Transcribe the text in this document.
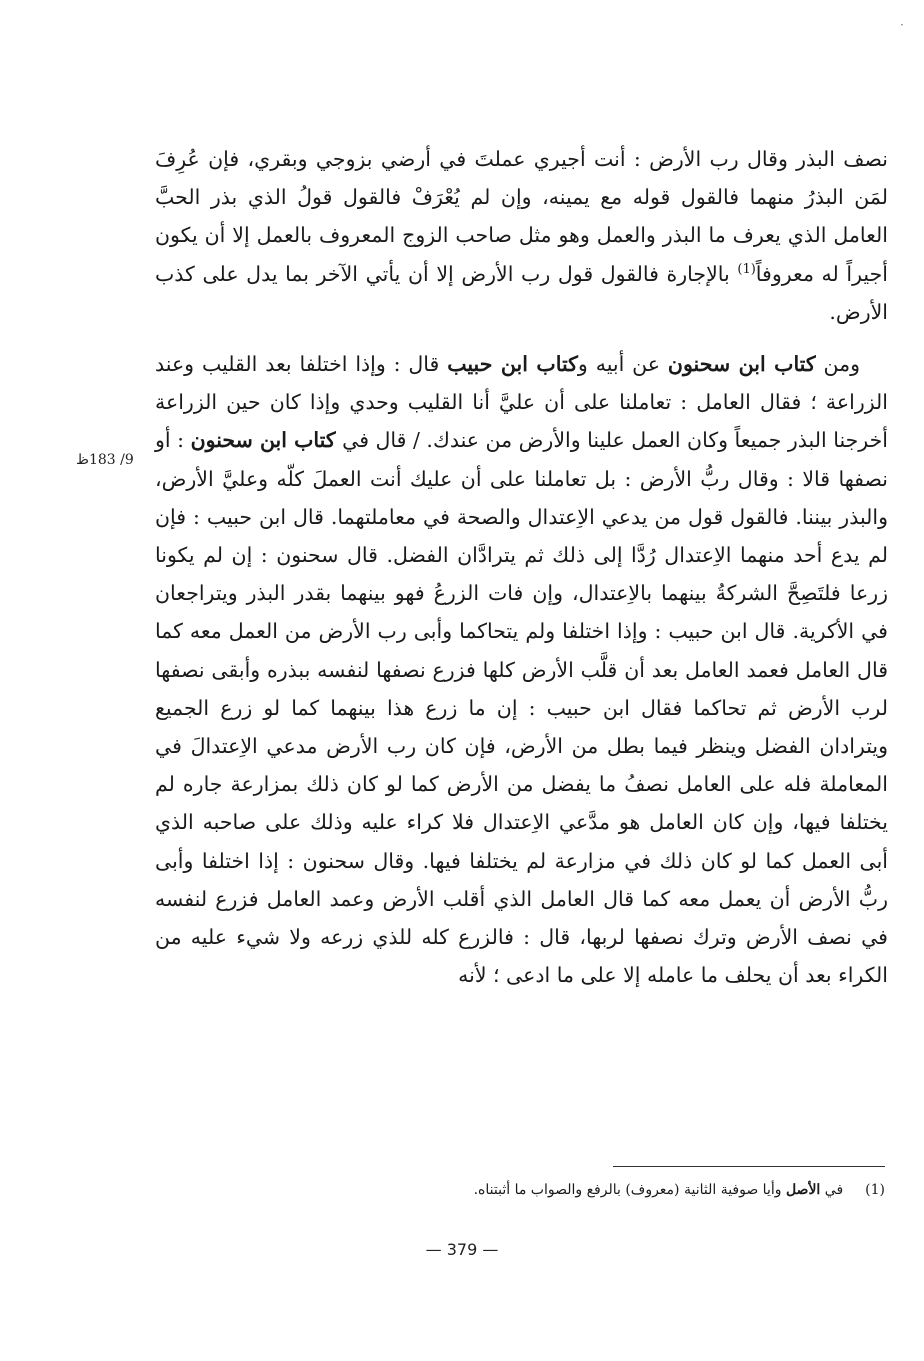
·

نصف البذر وقال رب الأرض : أنت أجيري عملتَ في أرضي بزوجي وبقري، فإن عُرِفَ لمَن البذرُ منهما فالقول قوله مع يمينه، وإن لم يُعْرَفْ فالقول قولُ الذي بذر الحبَّ العامل الذي يعرف ما البذر والعمل وهو مثل صاحب الزوج المعروف بالعمل إلا أن يكون أجيراً له معروفاً$^{(1)}$ بالإجارة فالقول قول رب الأرض إلا أن يأتي الآخر بما يدل على كذب الأرض.

ومن كتاب ابن سحنون عن أبيه وكتاب ابن حبيب قال : وإذا اختلفا بعد القليب وعند الزراعة ؛ فقال العامل : تعاملنا على أن عليَّ أنا القليب وحدي وإذا كان حين الزراعة أخرجنا البذر جميعاً وكان العمل علينا والأرض من عندك. / قال في كتاب ابن سحنون : أو نصفها قالا : وقال ربُّ الأرض : بل تعاملنا على أن عليك أنت العملَ كلّه وعليَّ الأرض، والبذر بيننا. فالقول قول من يدعي الاِعتدال والصحة في معاملتهما. قال ابن حبيب : فإن لم يدع أحد منهما الاِعتدال رُدَّا إلى ذلك ثم يترادَّان الفضل. قال سحنون : إن لم يكونا زرعا فلتَصِحَّ الشركةُ بينهما بالاِعتدال، وإن فات الزرعُ فهو بينهما بقدر البذر ويتراجعان في الأكرية. قال ابن حبيب : وإذا اختلفا ولم يتحاكما وأبى رب الأرض من العمل معه كما قال العامل فعمد العامل بعد أن قلَّب الأرض كلها فزرع نصفها لنفسه ببذره وأبقى نصفها لرب الأرض ثم تحاكما فقال ابن حبيب : إن ما زرع هذا بينهما كما لو زرع الجميع ويترادان الفضل وينظر فيما بطل من الأرض، فإن كان رب الأرض مدعي الاِعتدالَ في المعاملة فله على العامل نصفُ ما يفضل من الأرض كما لو كان ذلك بمزارعة جاره لم يختلفا فيها، وإن كان العامل هو مدَّعي الاِعتدال فلا كراء عليه وذلك على صاحبه الذي أبى العمل كما لو كان ذلك في مزارعة لم يختلفا فيها. وقال سحنون : إذا اختلفا وأبى ربُّ الأرض أن يعمل معه كما قال العامل الذي أقلب الأرض وعمد العامل فزرع لنفسه في نصف الأرض وترك نصفها لربها، قال : فالزرع كله للذي زرعه ولا شيء عليه من الكراء بعد أن يحلف ما عامله إلا على ما ادعى ؛ لأنه

9/ 183ظ
(1)في الأصل وأيا صوفية الثانية (معروف) بالرفع والصواب ما أثبتناه.
— 379 —
